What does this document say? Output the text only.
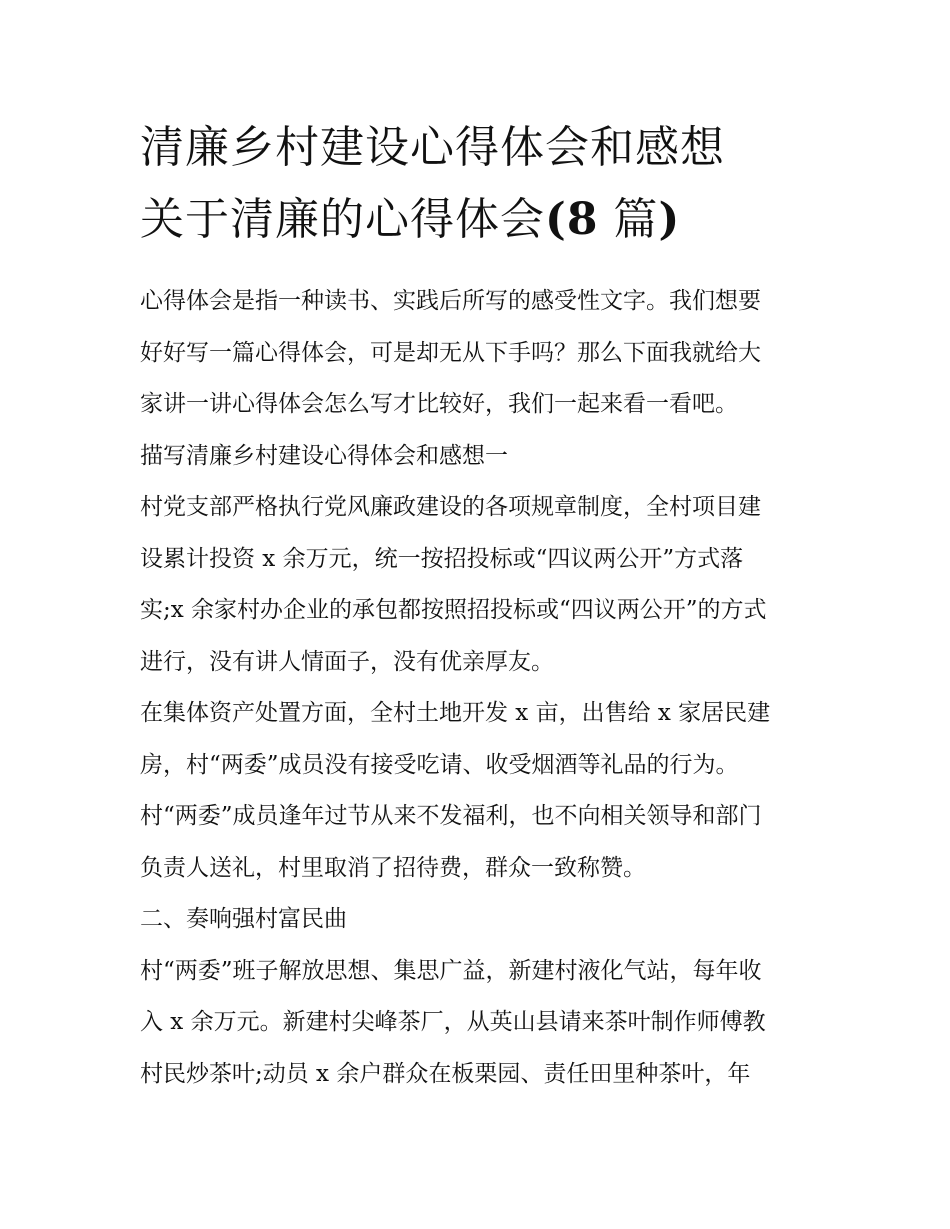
清廉乡村建设心得体会和感想
关于清廉的心得体会(8 篇)
心得体会是指一种读书、实践后所写的感受性文字。我们想要
好好写一篇心得体会，可是却无从下手吗？那么下面我就给大
家讲一讲心得体会怎么写才比较好，我们一起来看一看吧。
描写清廉乡村建设心得体会和感想一
村党支部严格执行党风廉政建设的各项规章制度，全村项目建
设累计投资 x 余万元，统一按招投标或“四议两公开”方式落
实;x 余家村办企业的承包都按照招投标或“四议两公开”的方式
进行，没有讲人情面子，没有优亲厚友。
在集体资产处置方面，全村土地开发 x 亩，出售给 x 家居民建
房，村“两委”成员没有接受吃请、收受烟酒等礼品的行为。
村“两委”成员逢年过节从来不发福利，也不向相关领导和部门
负责人送礼，村里取消了招待费，群众一致称赞。
二、奏响强村富民曲
村“两委”班子解放思想、集思广益，新建村液化气站，每年收
入 x 余万元。新建村尖峰茶厂，从英山县请来茶叶制作师傅教
村民炒茶叶;动员 x 余户群众在板栗园、责任田里种茶叶，年
